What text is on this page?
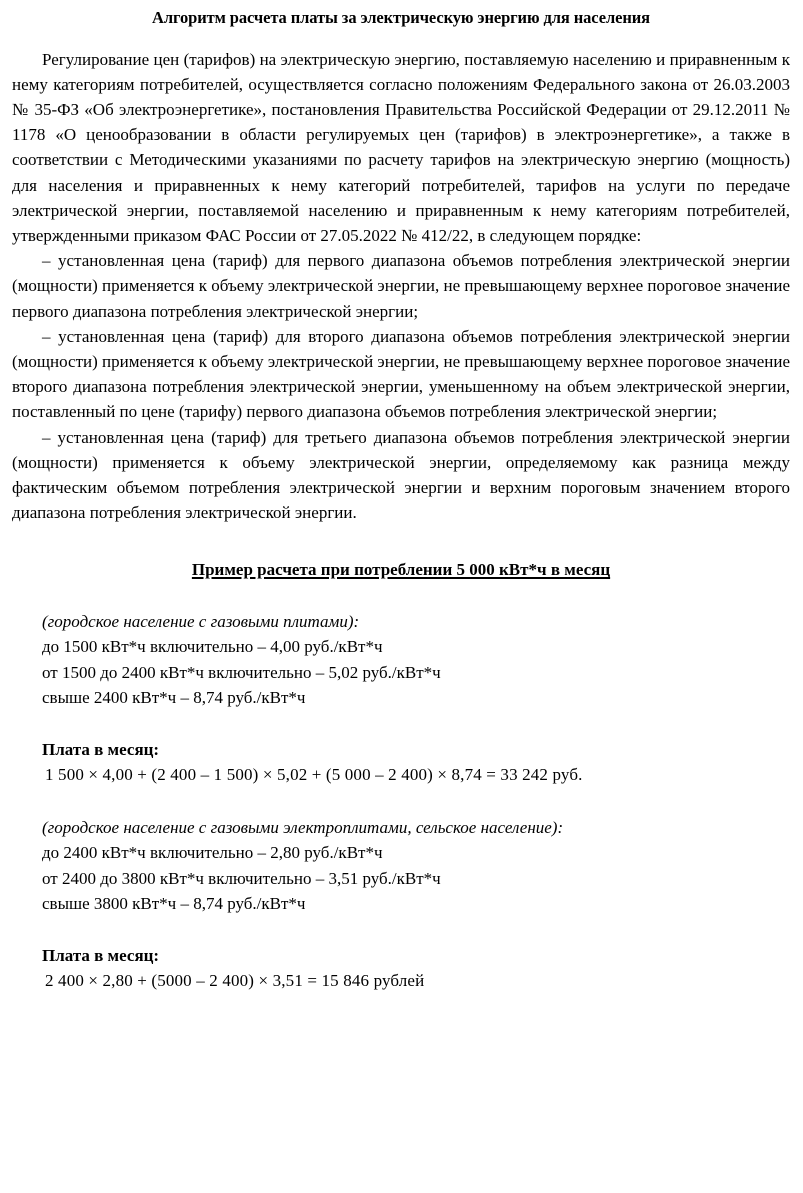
Алгоритм расчета платы за электрическую энергию для населения

Регулирование цен (тарифов) на электрическую энергию, поставляемую населению и приравненным к нему категориям потребителей, осуществляется согласно положениям Федерального закона от 26.03.2003 № 35-ФЗ «Об электроэнергетике», постановления Правительства Российской Федерации от 29.12.2011 № 1178 «О ценообразовании в области регулируемых цен (тарифов) в электроэнергетике», а также в соответствии с Методическими указаниями по расчету тарифов на электрическую энергию (мощность) для населения и приравненных к нему категорий потребителей, тарифов на услуги по передаче электрической энергии, поставляемой населению и приравненным к нему категориям потребителей, утвержденными приказом ФАС России от 27.05.2022 № 412/22, в следующем порядке:

– установленная цена (тариф) для первого диапазона объемов потребления электрической энергии (мощности) применяется к объему электрической энергии, не превышающему верхнее пороговое значение первого диапазона потребления электрической энергии;

– установленная цена (тариф) для второго диапазона объемов потребления электрической энергии (мощности) применяется к объему электрической энергии, не превышающему верхнее пороговое значение второго диапазона потребления электрической энергии, уменьшенному на объем электрической энергии, поставленный по цене (тарифу) первого диапазона объемов потребления электрической энергии;

– установленная цена (тариф) для третьего диапазона объемов потребления электрической энергии (мощности) применяется к объему электрической энергии, определяемому как разница между фактическим объемом потребления электрической энергии и верхним пороговым значением второго диапазона потребления электрической энергии.

Пример расчета при потреблении 5 000 кВт*ч в месяц

(городское население с газовыми плитами):

до 1500 кВт*ч включительно – 4,00 руб./кВт*ч

от 1500 до 2400 кВт*ч включительно – 5,02 руб./кВт*ч

свыше 2400 кВт*ч – 8,74 руб./кВт*ч

Плата в месяц:

1 500 × 4,00 + (2 400 – 1 500) × 5,02 + (5 000 – 2 400) × 8,74 = 33 242 руб.

(городское население с газовыми электроплитами, сельское население):

до 2400 кВт*ч включительно – 2,80 руб./кВт*ч

от 2400 до 3800 кВт*ч включительно – 3,51 руб./кВт*ч

свыше 3800 кВт*ч – 8,74 руб./кВт*ч

Плата в месяц:

2 400 × 2,80 + (5000 – 2 400) × 3,51 = 15 846 рублей
